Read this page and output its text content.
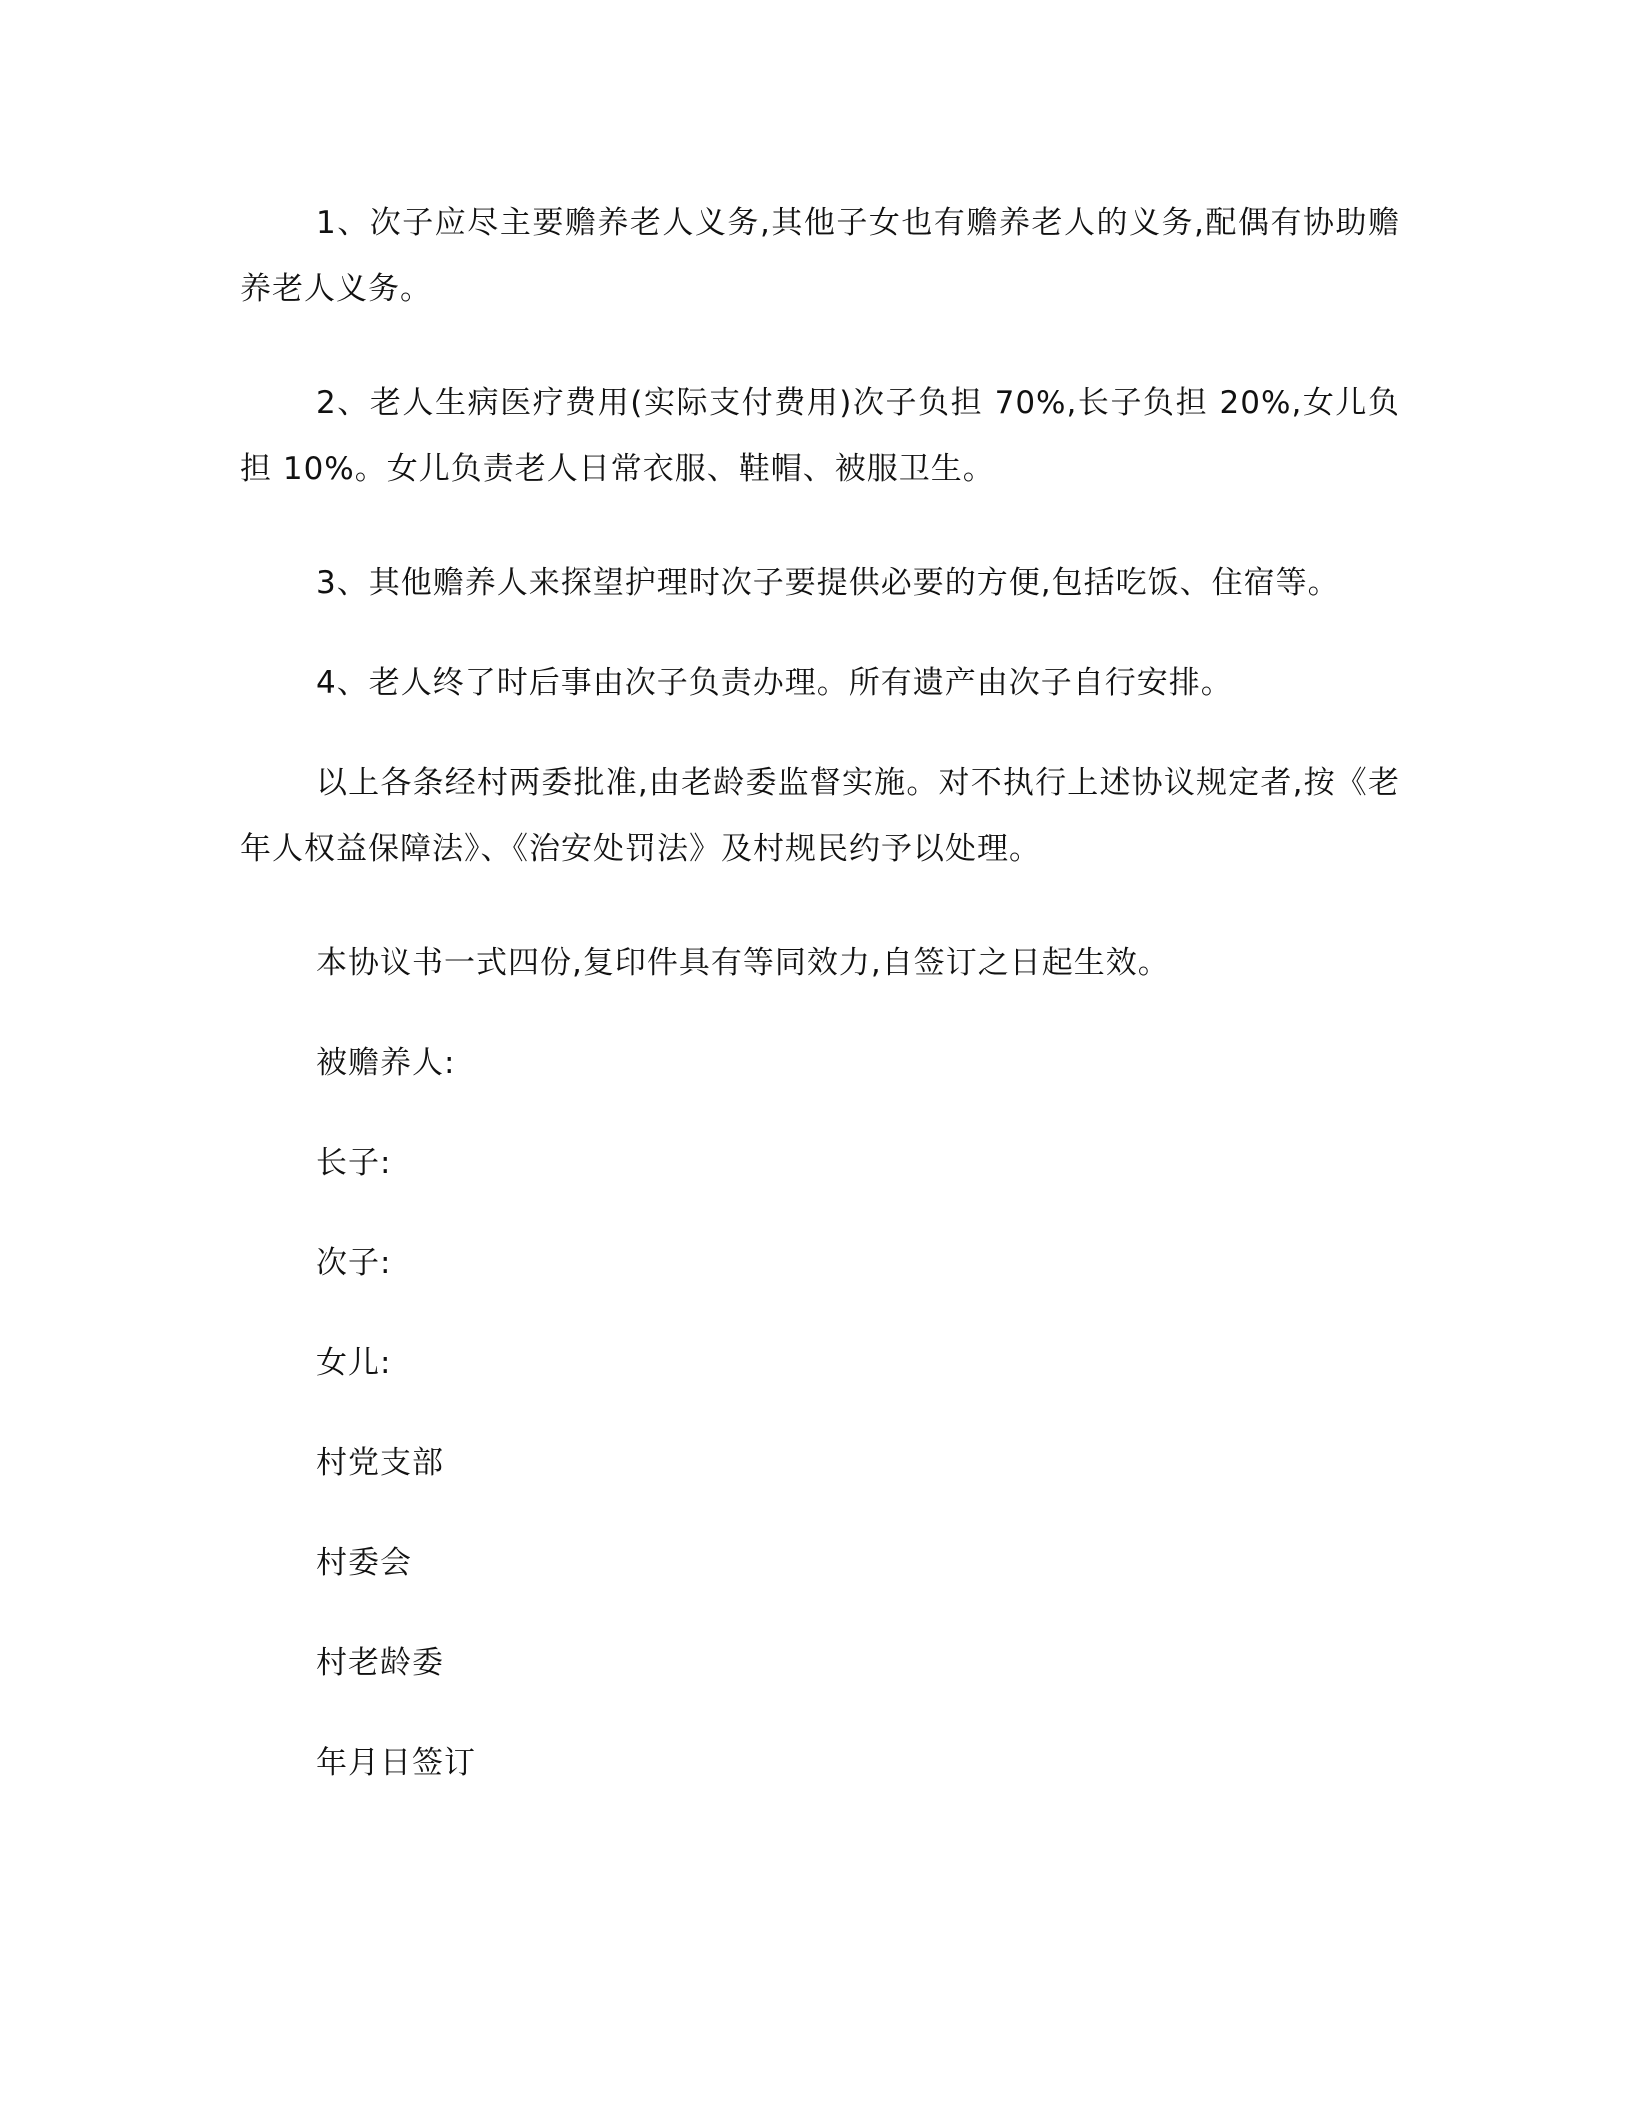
1、次子应尽主要赡养老人义务,其他子女也有赡养老人的义务,配偶有协助赡养老人义务。

2、老人生病医疗费用(实际支付费用)次子负担 70%,长子负担 20%,女儿负担 10%。女儿负责老人日常衣服、鞋帽、被服卫生。

3、其他赡养人来探望护理时次子要提供必要的方便,包括吃饭、住宿等。

4、老人终了时后事由次子负责办理。所有遗产由次子自行安排。

以上各条经村两委批准,由老龄委监督实施。对不执行上述协议规定者,按《老年人权益保障法》、《治安处罚法》及村规民约予以处理。

本协议书一式四份,复印件具有等同效力,自签订之日起生效。

被赡养人:

长子:

次子:

女儿:

村党支部

村委会

村老龄委

年月日签订
